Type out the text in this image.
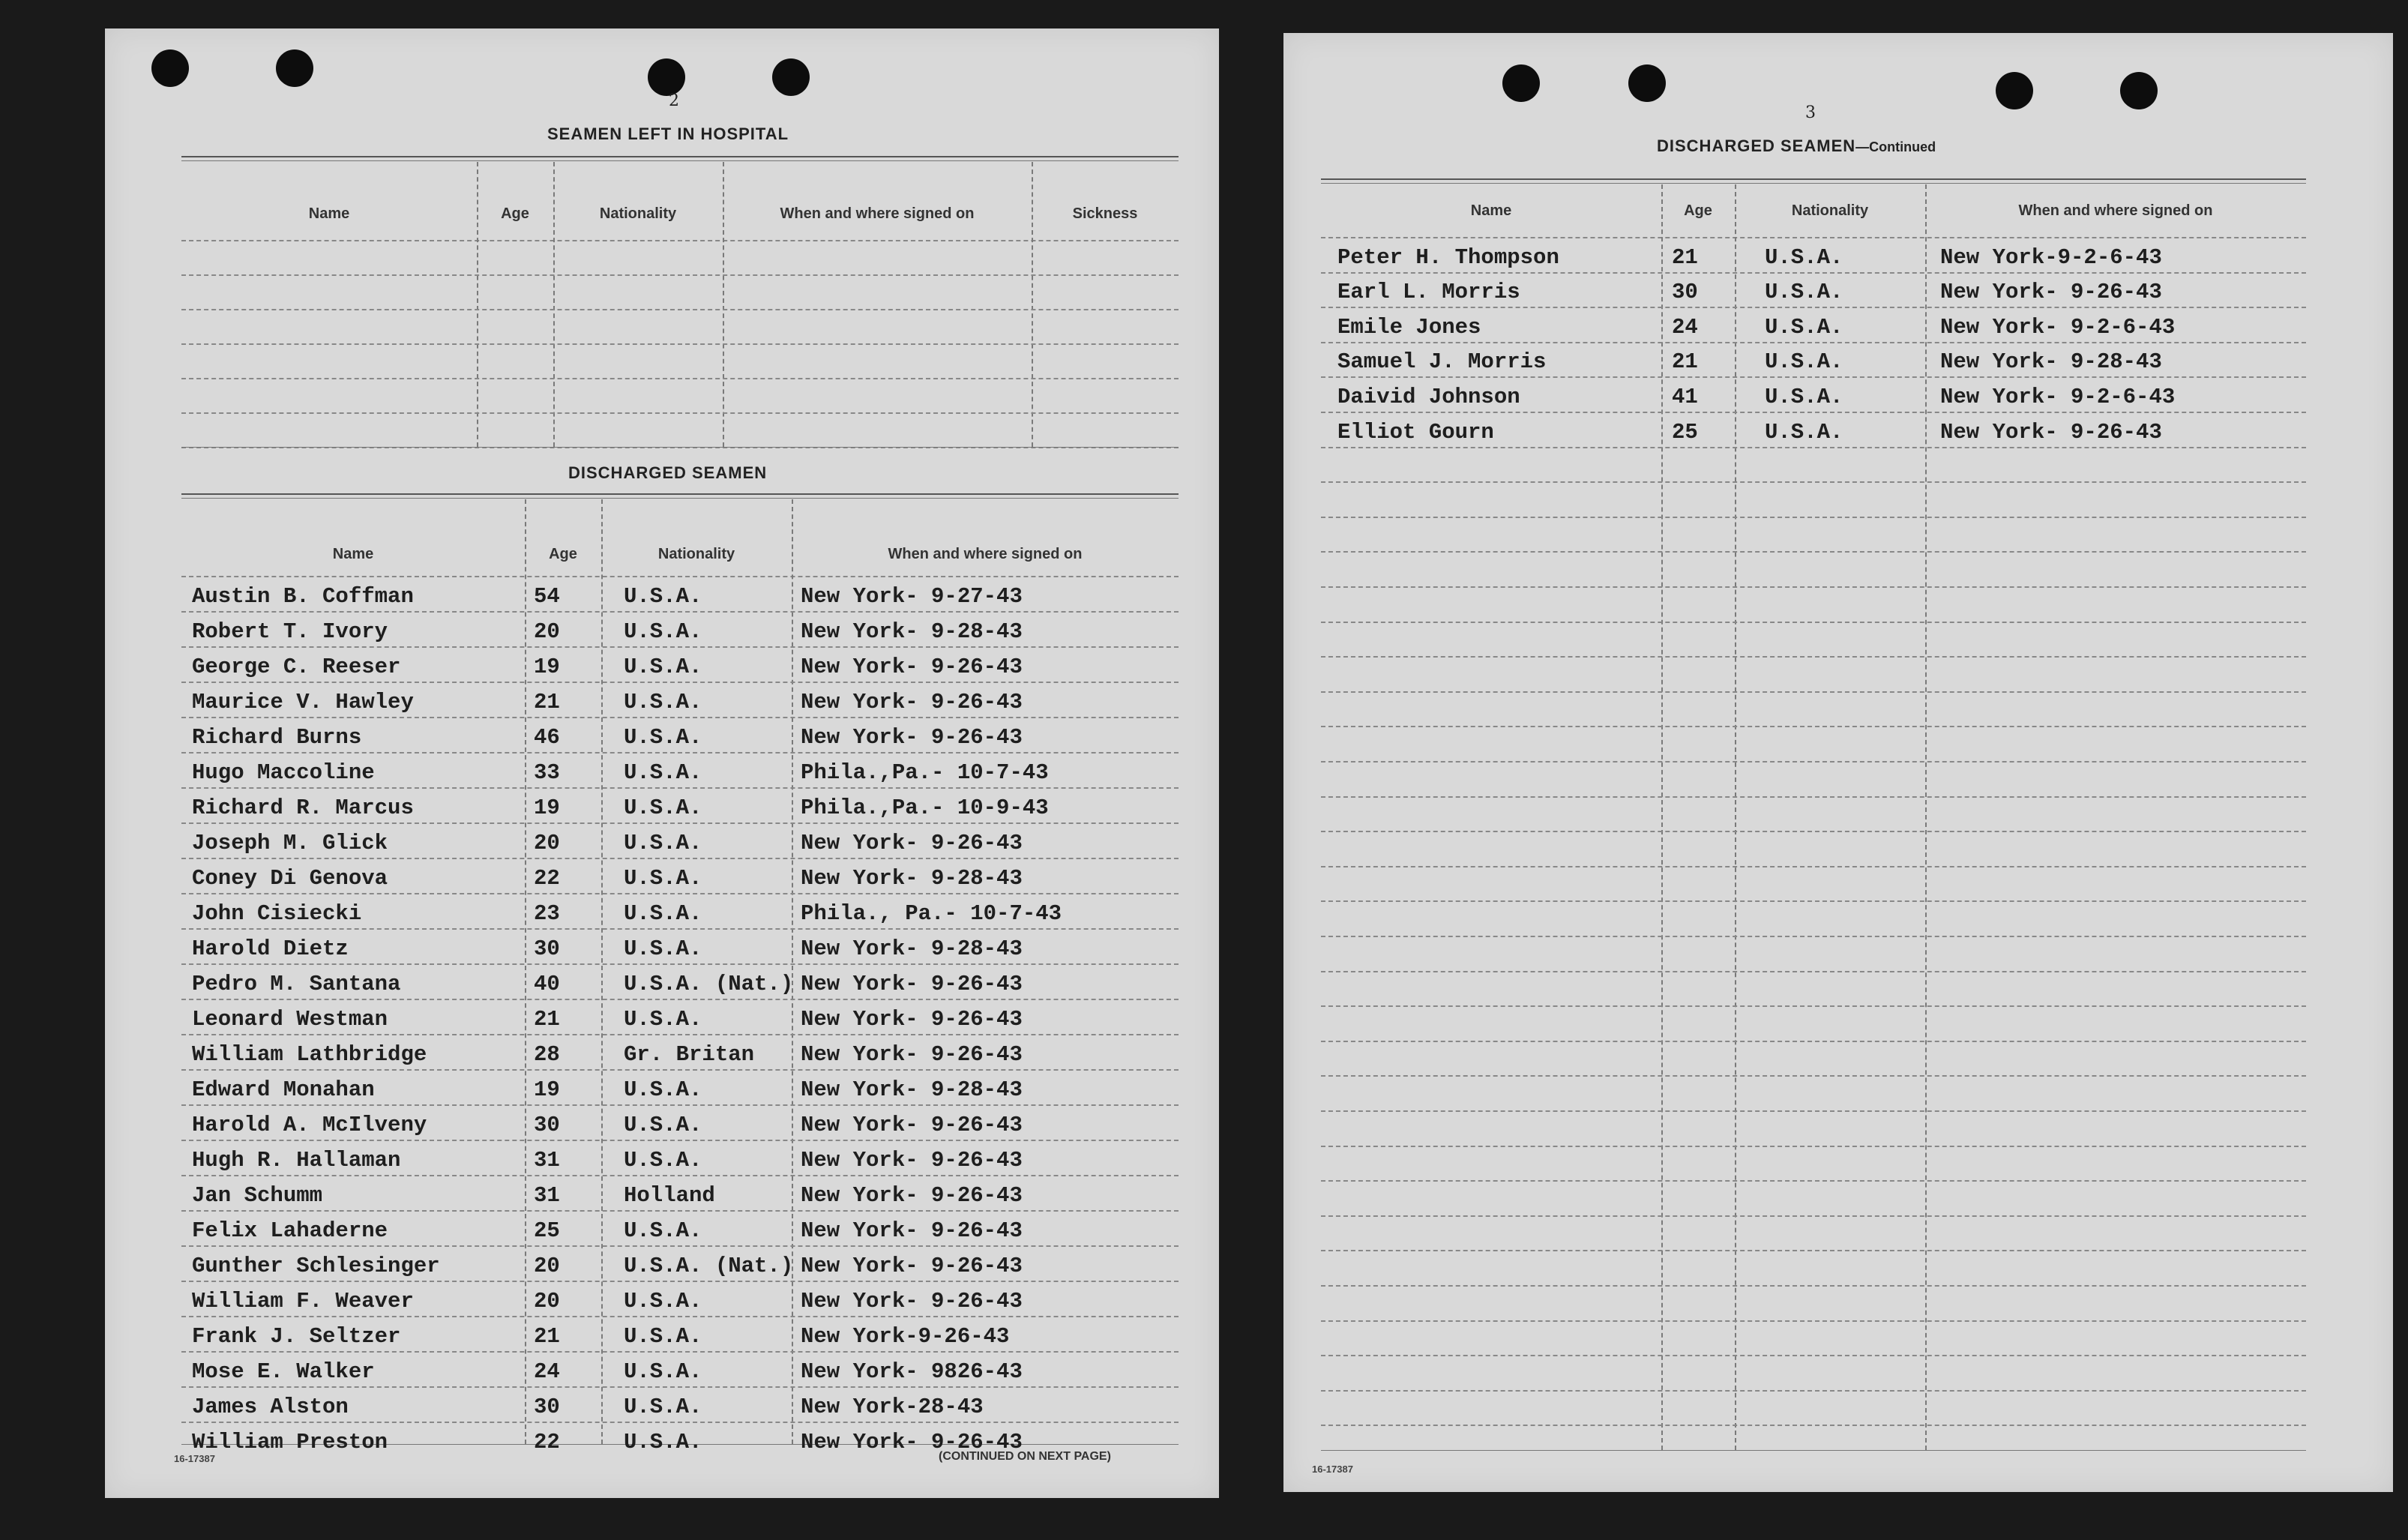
2
SEAMEN LEFT IN HOSPITAL
DISCHARGED SEAMEN
16-17387	(CONTINUED ON NEXT PAGE)
Name	Age	Nationality	When and where signed on	Sickness
Name	Age	Nationality	When and where signed on
Austin B. Coffman	54	U.S.A.	New York- 9-27-43
Robert T. Ivory	20	U.S.A.	New York- 9-28-43
George C. Reeser	19	U.S.A.	New York- 9-26-43
Maurice V. Hawley	21	U.S.A.	New York- 9-26-43
Richard Burns	46	U.S.A.	New York- 9-26-43
Hugo Maccoline	33	U.S.A.	Phila.,Pa.- 10-7-43
Richard R. Marcus	19	U.S.A.	Phila.,Pa.- 10-9-43
Joseph M. Glick	20	U.S.A.	New York- 9-26-43
Coney Di Genova	22	U.S.A.	New York- 9-28-43
John Cisiecki	23	U.S.A.	Phila., Pa.- 10-7-43
Harold Dietz	30	U.S.A.	New York- 9-28-43
Pedro M. Santana	40	U.S.A. (Nat.) New York- 9-26-43
Leonard Westman	21	U.S.A.	New York- 9-26-43
William Lathbridge	28	Gr. Britan New York- 9-26-43
Edward Monahan	19	U.S.A.	New York- 9-28-43
Harold A. McIlveny	30	U.S.A.	New York- 9-26-43
Hugh R. Hallaman	31	U.S.A.	New York- 9-26-43
Jan Schumm	31	Holland	New York- 9-26-43
Felix Lahaderne	25	U.S.A.	New York- 9-26-43
Gunther Schlesinger	20	U.S.A. (Nat.) New York- 9-26-43
William F. Weaver	20	U.S.A.	New York- 9-26-43
Frank J. Seltzer	21	U.S.A.	New York-9-26-43
Mose E. Walker	24	U.S.A.	New York- 9826-43
James Alston	30	U.S.A.	New York-28-43
William Preston	22	U.S.A.	New York- 9-26-43
3
DISCHARGED SEAMEN—Continued
16-17387
Name	Age	Nationality	When and where signed on
Peter H. Thompson	21	U.S.A.	New York-9-2-6-43
Earl L. Morris	30	U.S.A.	New York- 9-26-43
Emile Jones	24	U.S.A.	New York- 9-2-6-43
Samuel J. Morris	21	U.S.A.	New York- 9-28-43
Daivid Johnson	41	U.S.A.	New York- 9-2-6-43
Elliot Gourn	25	U.S.A.	New York- 9-26-43
